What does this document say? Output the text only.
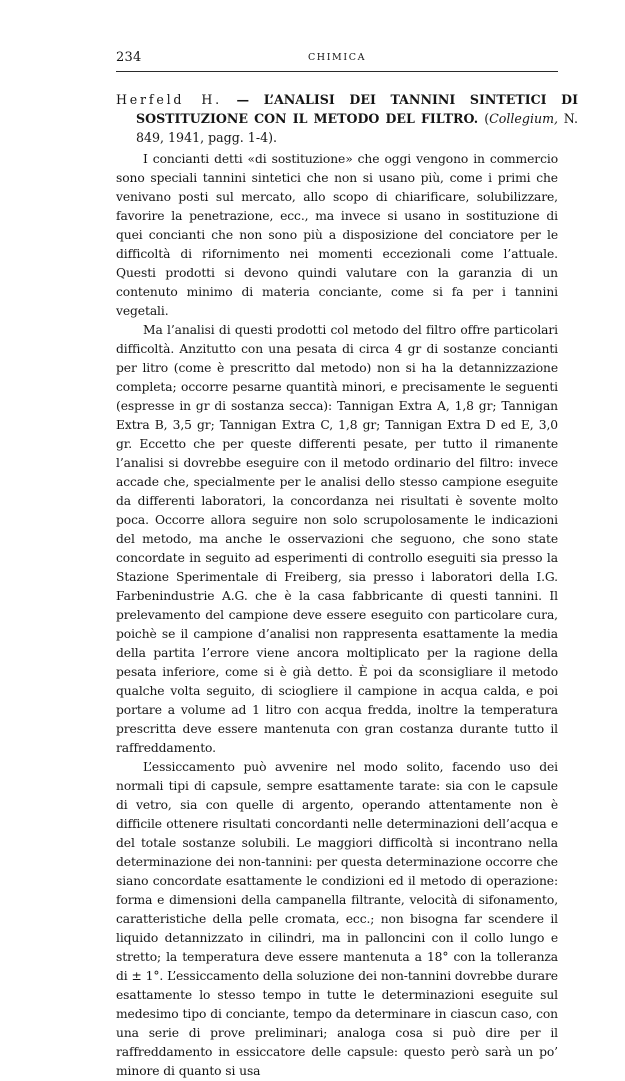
234	CHIMICA
Herfeld H. — L’ANALISI DEI TANNINI SINTETICI DI SOSTITUZIONE CON IL METODO DEL FILTRO. (Collegium, N. 849, 1941, pagg. 1-4).

I concianti detti «di sostituzione» che oggi vengono in commercio sono speciali tannini sintetici che non si usano più, come i primi che venivano posti sul mercato, allo scopo di chiarificare, solubilizzare, favorire la penetrazione, ecc., ma invece si usano in sostituzione di quei concianti che non sono più a disposizione del conciatore per le difficoltà di rifornimento nei momenti eccezionali come l’attuale. Questi prodotti si devono quindi valutare con la garanzia di un contenuto minimo di materia conciante, come si fa per i tannini vegetali.

Ma l’analisi di questi prodotti col metodo del filtro offre particolari difficoltà. Anzitutto con una pesata di circa 4 gr di sostanze concianti per litro (come è prescritto dal metodo) non si ha la detannizzazione completa; occorre pesarne quantità minori, e precisamente le seguenti (espresse in gr di sostanza secca): Tannigan Extra A, 1,8 gr; Tannigan Extra B, 3,5 gr; Tannigan Extra C, 1,8 gr; Tannigan Extra D ed E, 3,0 gr. Eccetto che per queste differenti pesate, per tutto il rimanente l’analisi si dovrebbe eseguire con il metodo ordinario del filtro: invece accade che, specialmente per le analisi dello stesso campione eseguite da differenti laboratori, la concordanza nei risultati è sovente molto poca. Occorre allora seguire non solo scrupolosamente le indicazioni del metodo, ma anche le osservazioni che seguono, che sono state concordate in seguito ad esperimenti di controllo eseguiti sia presso la Stazione Sperimentale di Freiberg, sia presso i laboratori della I.G. Farbenindustrie A.G. che è la casa fabbricante di questi tannini. Il prelevamento del campione deve essere eseguito con particolare cura, poichè se il campione d’analisi non rappresenta esattamente la media della partita l’errore viene ancora moltiplicato per la ragione della pesata inferiore, come si è già detto. È poi da sconsigliare il metodo qualche volta seguito, di sciogliere il campione in acqua calda, e poi portare a volume ad 1 litro con acqua fredda, inoltre la temperatura prescritta deve essere mantenuta con gran costanza durante tutto il raffreddamento.

L’essiccamento può avvenire nel modo solito, facendo uso dei normali tipi di capsule, sempre esattamente tarate: sia con le capsule di vetro, sia con quelle di argento, operando attentamente non è difficile ottenere risultati concordanti nelle determinazioni dell’acqua e del totale sostanze solubili. Le maggiori difficoltà si incontrano nella determinazione dei non-tannini: per questa determinazione occorre che siano concordate esattamente le condizioni ed il metodo di operazione: forma e dimensioni della campanella filtrante, velocità di sifonamento, caratteristiche della pelle cromata, ecc.; non bisogna far scendere il liquido detannizzato in cilindri, ma in palloncini con il collo lungo e stretto; la temperatura deve essere mantenuta a 18° con la tolleranza di ± 1°. L’essiccamento della soluzione dei non-tannini dovrebbe durare esattamente lo stesso tempo in tutte le determinazioni eseguite sul medesimo tipo di conciante, tempo da determinare in ciascun caso, con una serie di prove preliminari; analoga cosa si può dire per il raffreddamento in essiccatore delle capsule: questo però sarà un po’ minore di quanto si usa
